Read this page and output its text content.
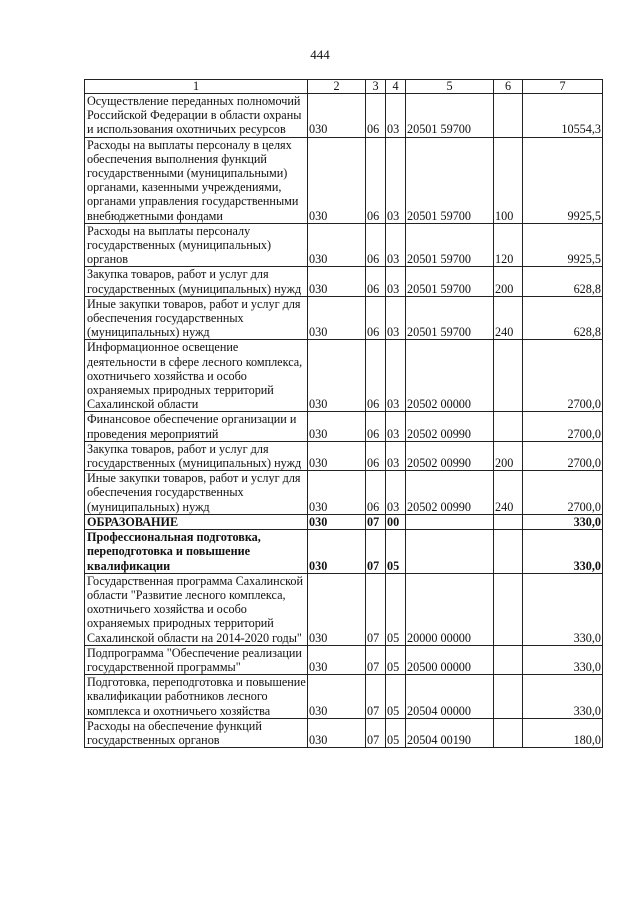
444
1	2	3	4	5	6	7
Осуществление переданных полномочий Российской Федерации в области охраны и использования охотничьих ресурсов	030	06	03	20501 59700		10554,3
Расходы на выплаты персоналу в целях обеспечения выполнения функций государственными (муниципальными) органами, казенными учреждениями, органами управления государственными внебюджетными фондами	030	06	03	20501 59700	100	9925,5
Расходы на выплаты персоналу государственных (муниципальных) органов	030	06	03	20501 59700	120	9925,5
Закупка товаров, работ и услуг для государственных (муниципальных) нужд	030	06	03	20501 59700	200	628,8
Иные закупки товаров, работ и услуг для обеспечения государственных (муниципальных) нужд	030	06	03	20501 59700	240	628,8
Информационное освещение деятельности в сфере лесного комплекса, охотничьего хозяйства и особо охраняемых природных территорий Сахалинской области	030	06	03	20502 00000		2700,0
Финансовое обеспечение организации и проведения мероприятий	030	06	03	20502 00990		2700,0
Закупка товаров, работ и услуг для государственных (муниципальных) нужд	030	06	03	20502 00990	200	2700,0
Иные закупки товаров, работ и услуг для обеспечения государственных (муниципальных) нужд	030	06	03	20502 00990	240	2700,0
ОБРАЗОВАНИЕ	030	07	00			330,0
Профессиональная подготовка, переподготовка и повышение квалификации	030	07	05			330,0
Государственная программа Сахалинской области "Развитие лесного комплекса, охотничьего хозяйства и особо охраняемых природных территорий Сахалинской области на 2014-2020 годы"	030	07	05	20000 00000		330,0
Подпрограмма "Обеспечение реализации государственной программы"	030	07	05	20500 00000		330,0
Подготовка, переподготовка и повышение квалификации работников лесного комплекса и охотничьего хозяйства	030	07	05	20504 00000		330,0
Расходы на обеспечение функций государственных органов	030	07	05	20504 00190		180,0
